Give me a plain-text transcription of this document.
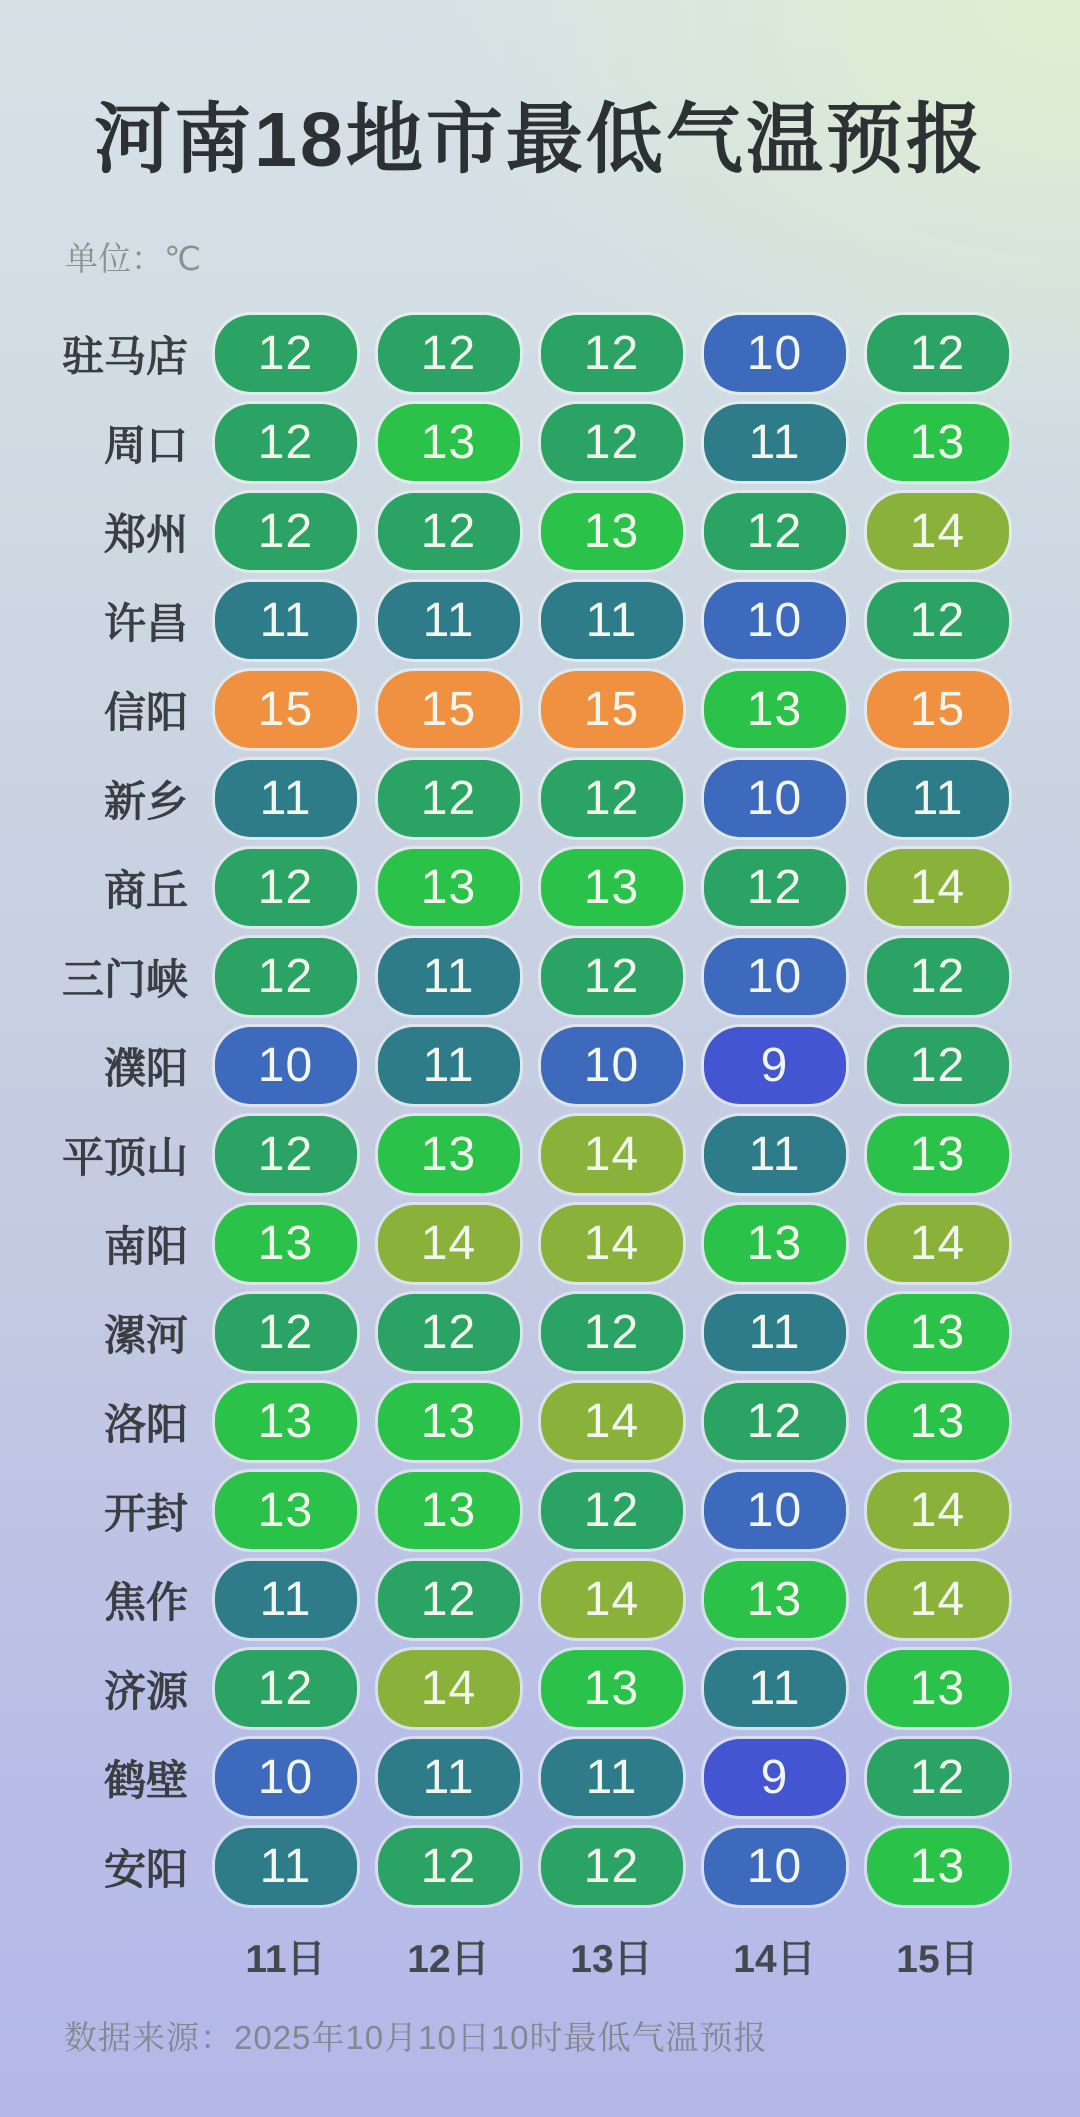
河南18地市最低气温预报
单位：℃
驻马店	12	12	12	10	12
周口	12	13	12	11	13
郑州	12	12	13	12	14
许昌	11	11	11	10	12
信阳	15	15	15	13	15
新乡	11	12	12	10	11
商丘	12	13	13	12	14
三门峡	12	11	12	10	12
濮阳	10	11	10	9	12
平顶山	12	13	14	11	13
南阳	13	14	14	13	14
漯河	12	12	12	11	13
洛阳	13	13	14	12	13
开封	13	13	12	10	14
焦作	11	12	14	13	14
济源	12	14	13	11	13
鹤壁	10	11	11	9	12
安阳	11	12	12	10	13
11日	12日	13日	14日	15日
数据来源：2025年10月10日10时最低气温预报
